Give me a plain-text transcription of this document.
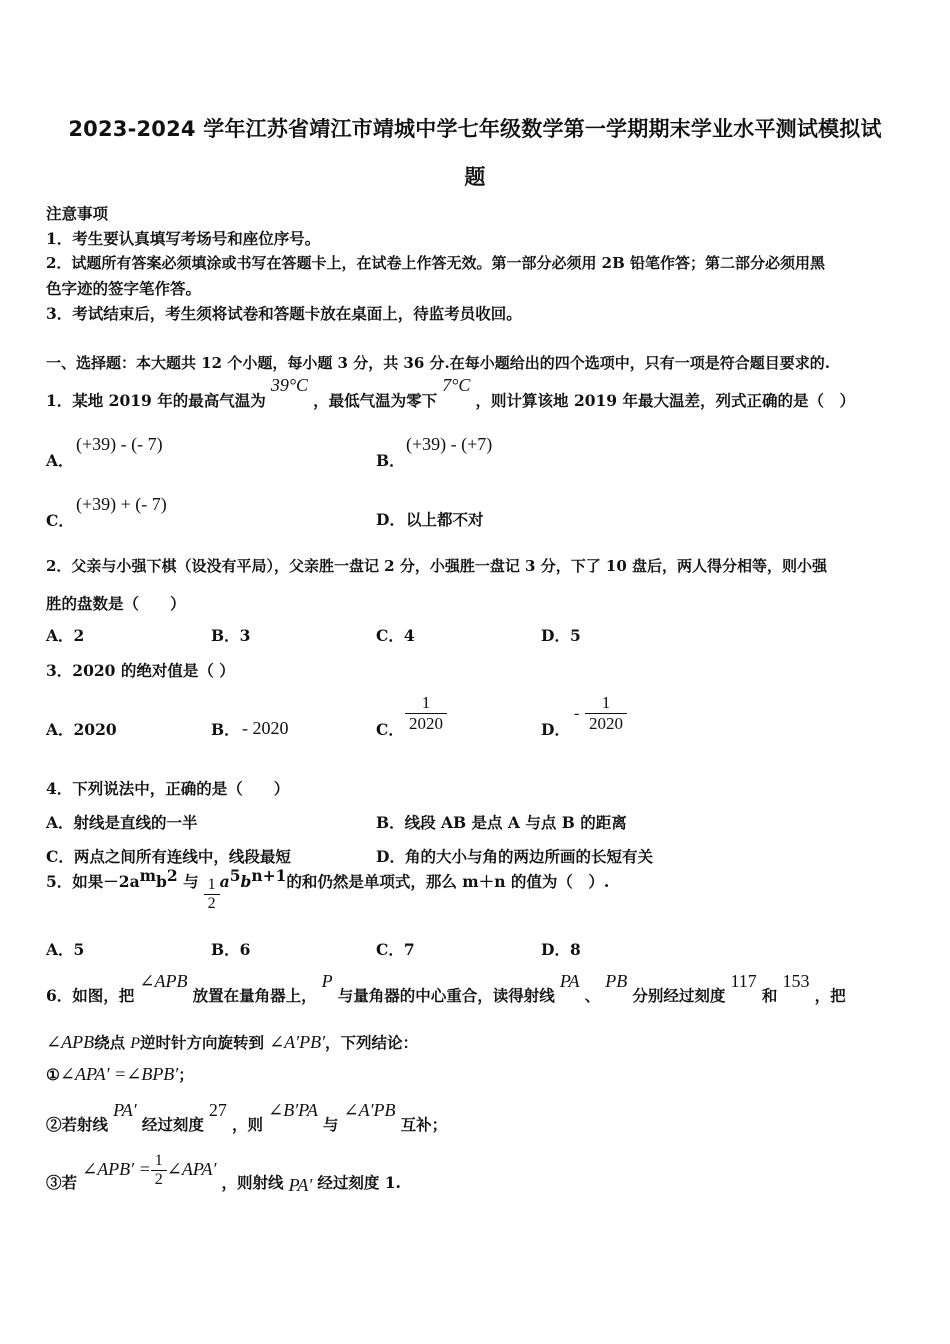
2023-2024 学年江苏省靖江市靖城中学七年级数学第一学期期末学业水平测试模拟试
题
注意事项
1．考生要认真填写考场号和座位序号。
2．试题所有答案必须填涂或书写在答题卡上，在试卷上作答无效。第一部分必须用 2B 铅笔作答；第二部分必须用黑
色字迹的签字笔作答。
3．考试结束后，考生须将试卷和答题卡放在桌面上，待监考员收回。
一、选择题：本大题共 12 个小题，每小题 3 分，共 36 分.在每小题给出的四个选项中，只有一项是符合题目要求的.
1．某地 2019 年的最高气温为 39°C ，最低气温为零下 7°C ，则计算该地 2019 年最大温差，列式正确的是（　）
A．
(+39) - (- 7)
B．
(+39) - (+7)
C．
(+39) + (- 7)
D． 以上都不对
2．父亲与小强下棋（设没有平局），父亲胜一盘记 2 分，小强胜一盘记 3 分，下了 10 盘后，两人得分相等，则小强
胜的盘数是（　　）
A．2	B．3	C．4	D．5
3．2020 的绝对值是（ ）
A．2020	B． - 2020	C． $\frac{1}{2020}$	D．
- $\frac{1}{2020}$
4．下列说法中，正确的是（　　）
A．射线是直线的一半	B．线段 AB 是点 A 与点 B 的距离
C．两点之间所有连线中，线段最短	D．角的大小与角的两边所画的长短有关
5．如果$-2a^mb^2$ 与 $\frac{1}{2} a^5b^{n+1}$的和仍然是单项式，那么 m＋n 的值为（　）.
A．5	B．6	C．7	D．8
6．如图，把 ∠APB 放置在量角器上， P 与量角器的中心重合，读得射线 PA 、 PB 分别经过刻度 117 和 153 ，把
∠APB绕点 P逆时针方向旋转到 ∠A′PB′，下列结论：
①∠APA′ =∠BPB′；
②若射线 PA′ 经过刻度 27 ，则 ∠B′PA 与 ∠A′PB 互补；
③若 ∠APB′ = $\frac{1}{2}$ ∠APA′ ，则射线 PA′ 经过刻度 1.
